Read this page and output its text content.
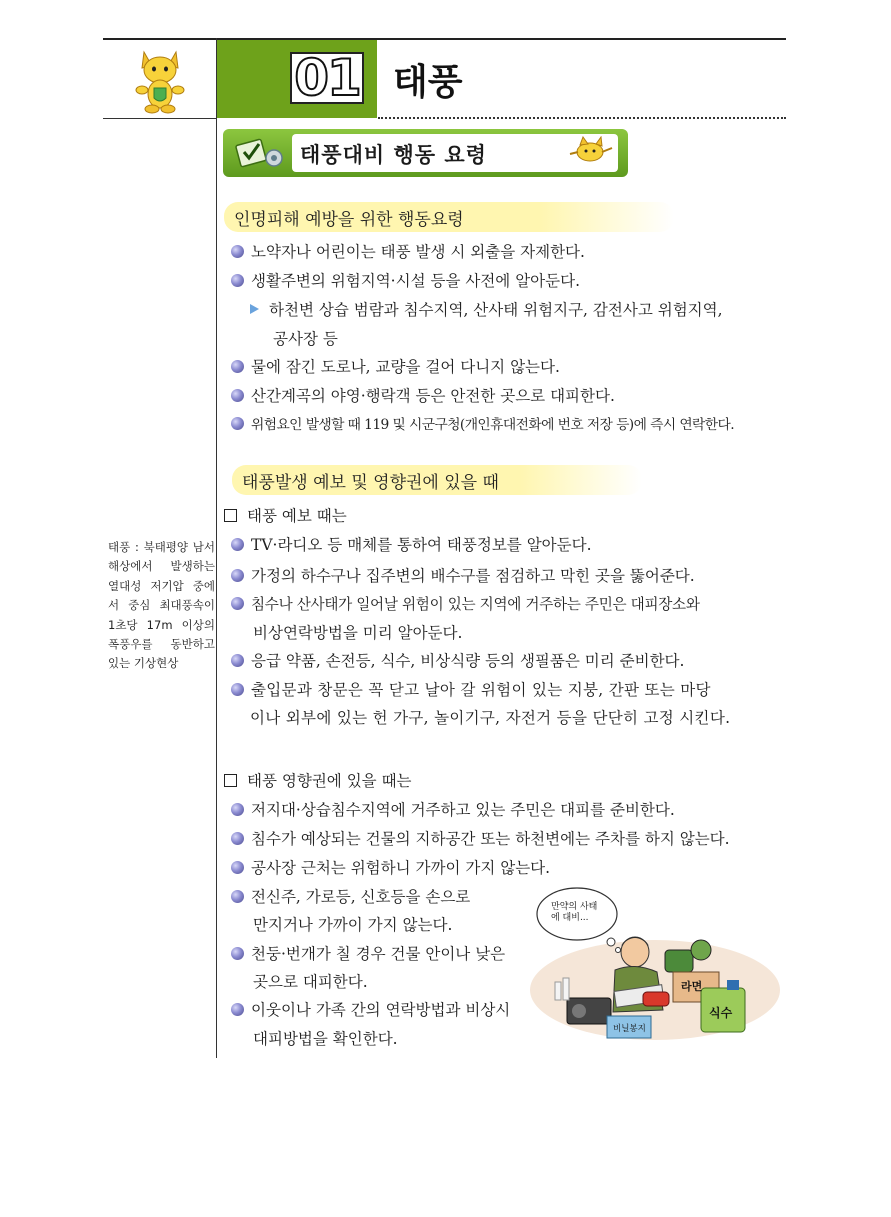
01 태풍
태풍대비 행동 요령
인명피해 예방을 위한 행동요령
노약자나 어린이는 태풍 발생 시 외출을 자제한다.
생활주변의 위험지역·시설 등을 사전에 알아둔다.
하천변 상습 범람과 침수지역, 산사태 위험지구, 감전사고 위험지역,
공사장 등
물에 잠긴 도로나, 교량을 걸어 다니지 않는다.
산간계곡의 야영·행락객 등은 안전한 곳으로 대피한다.
위험요인 발생할 때 119 및 시군구청(개인휴대전화에 번호 저장 등)에 즉시 연락한다.
태풍발생 예보 및 영향권에 있을 때
태풍 예보 때는
TV·라디오 등 매체를 통하여 태풍정보를 알아둔다.
가정의 하수구나 집주변의 배수구를 점검하고 막힌 곳을 뚫어준다.
침수나 산사태가 일어날 위험이 있는 지역에 거주하는 주민은 대피장소와
비상연락방법을 미리 알아둔다.
응급 약품, 손전등, 식수, 비상식량 등의 생필품은 미리 준비한다.
출입문과 창문은 꼭 닫고 날아 갈 위험이 있는 지붕, 간판 또는 마당
이나 외부에 있는 헌 가구, 놀이기구, 자전거 등을 단단히 고정 시킨다.
태풍 영향권에 있을 때는
저지대·상습침수지역에 거주하고 있는 주민은 대피를 준비한다.
침수가 예상되는 건물의 지하공간 또는 하천변에는 주차를 하지 않는다.
공사장 근처는 위험하니 가까이 가지 않는다.
전신주, 가로등, 신호등을 손으로
만지거나 가까이 가지 않는다.
천둥·번개가 칠 경우 건물 안이나 낮은
곳으로 대피한다.
이웃이나 가족 간의 연락방법과 비상시
대피방법을 확인한다.
태풍 : 북태평양 남서해상에서 발생하는 열대성 저기압 중에서 중심 최대풍속이 1초당 17m 이상의 폭풍우를 동반하고 있는 기상현상
만약의 사태에 대비...
라면
식수
비닐봉지
